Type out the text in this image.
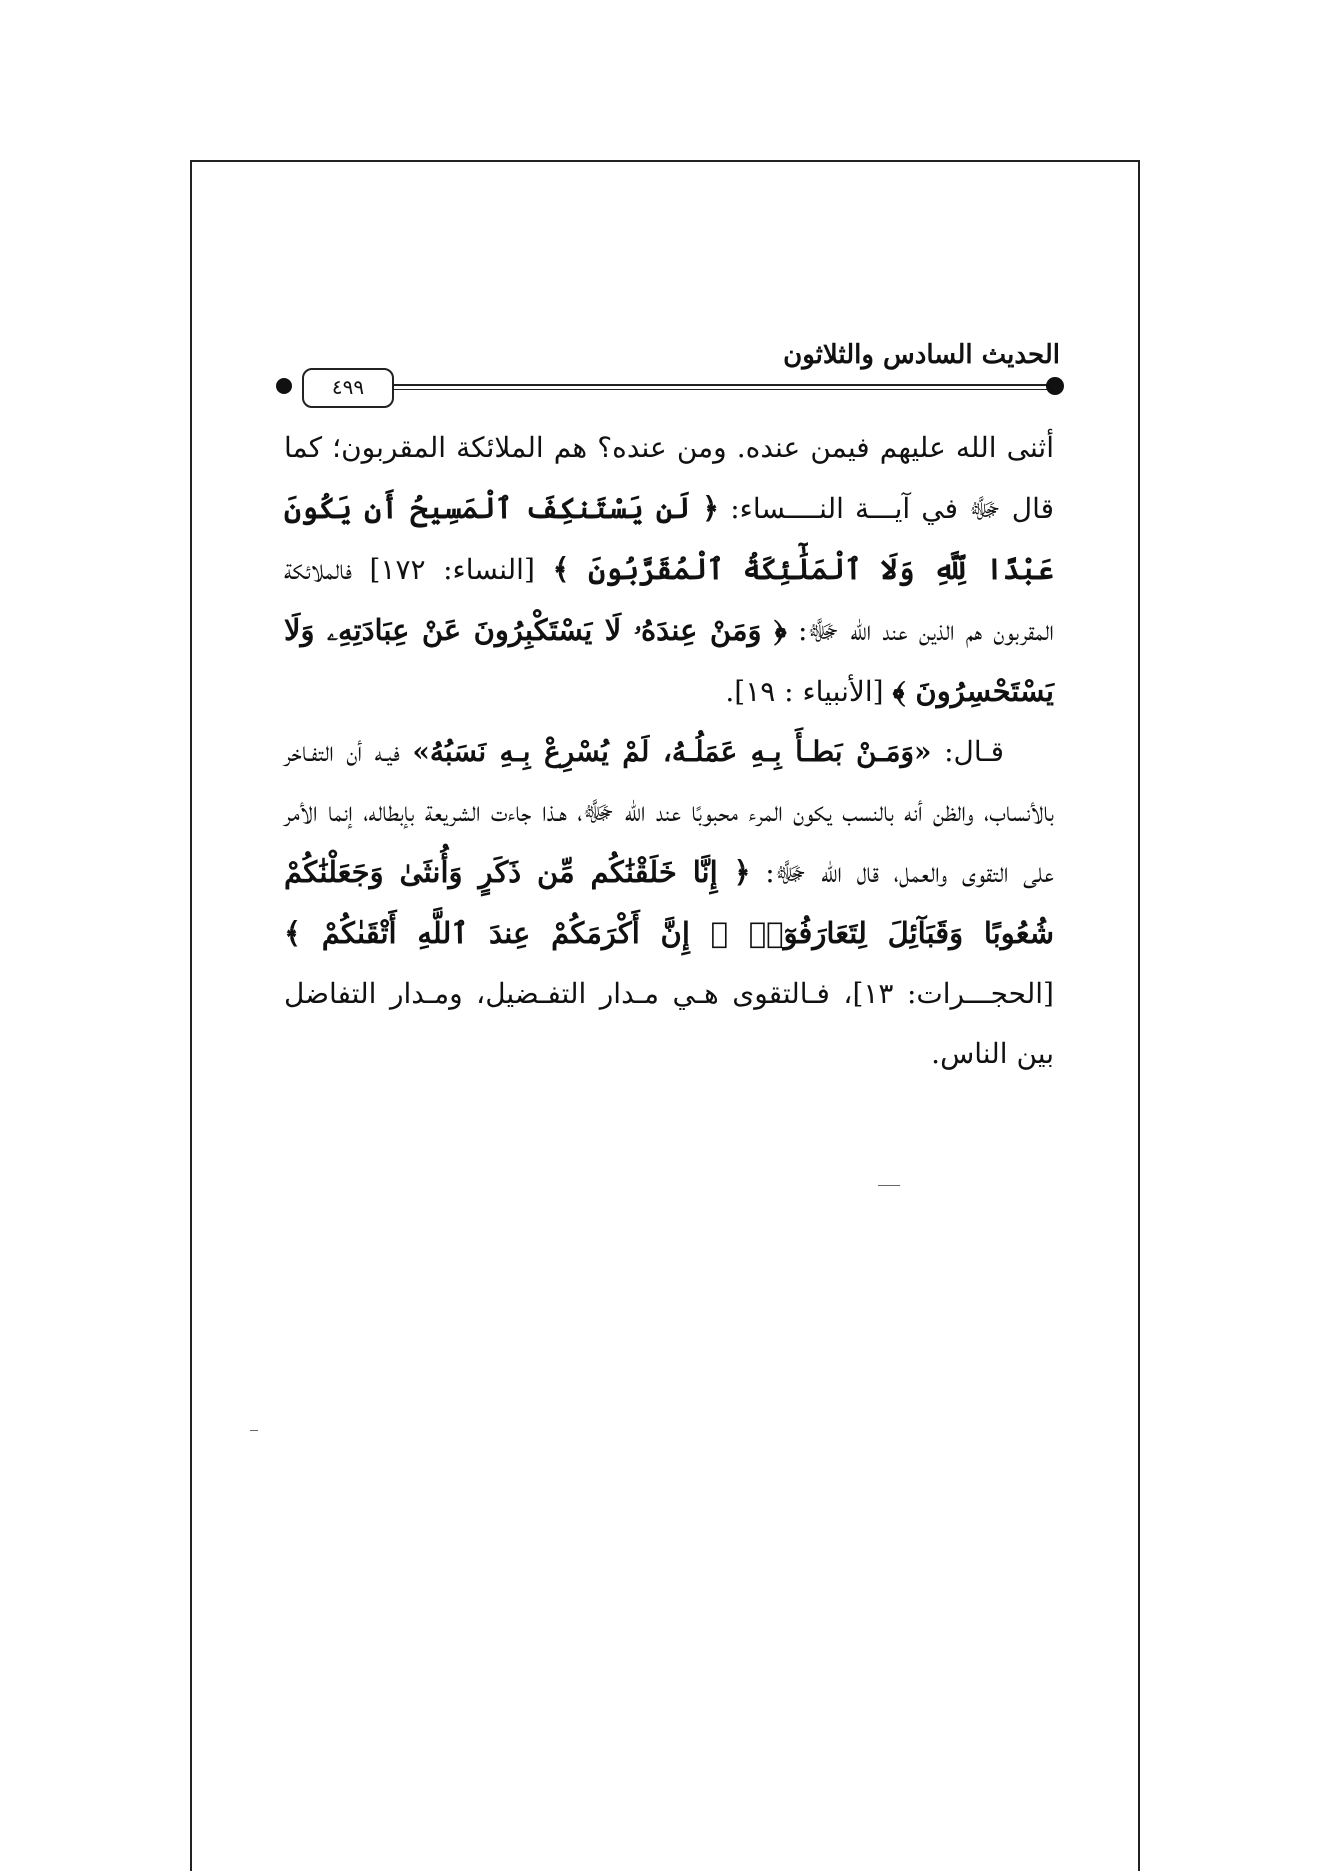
الحديث السادس والثلاثون
٤٩٩

أثنى الله عليهم فيمن عنده. ومن عنده؟ هم الملائكة المقربون؛ كما قال ﷻ في آيـــة النــــساء: ﴿ لَن يَسْتَنكِفَ ٱلْمَسِيحُ أَن يَكُونَ عَبْدًا لِّلَّهِ وَلَا ٱلْمَلَٰٓئِكَةُ ٱلْمُقَرَّبُونَ ﴾ [النساء: ١٧٢] فالملائكة المقربون هم الذين عند الله ﷻ: ﴿ وَمَنْ عِندَهُۥ لَا يَسْتَكْبِرُونَ عَنْ عِبَادَتِهِۦ وَلَا يَسْتَحْسِرُونَ ﴾ [الأنبياء : ١٩].

قـال: «وَمَـنْ بَطـأَ بِـهِ عَمَلُـهُ، لَمْ يُسْرِعْ بِـهِ نَسَبُهُ» فيـه أن التفـاخر بالأنساب، والظن أنه بالنسب يكون المرء محبوبًا عند الله ﷻ، هـذا جاءت الشريعة بإبطاله، إنما الأمر على التقوى والعمل، قال الله ﷻ: ﴿ إِنَّا خَلَقْنَٰكُم مِّن ذَكَرٍ وَأُنثَىٰ وَجَعَلْنَٰكُمْ شُعُوبًا وَقَبَآئِلَ لِتَعَارَفُوٓا۟ ۚ إِنَّ أَكْرَمَكُمْ عِندَ ٱللَّهِ أَتْقَىٰكُمْ ﴾ [الحجـــرات: ١٣]، فـالتقوى هـي مـدار التفـضيل، ومـدار التفاضل بين الناس.
